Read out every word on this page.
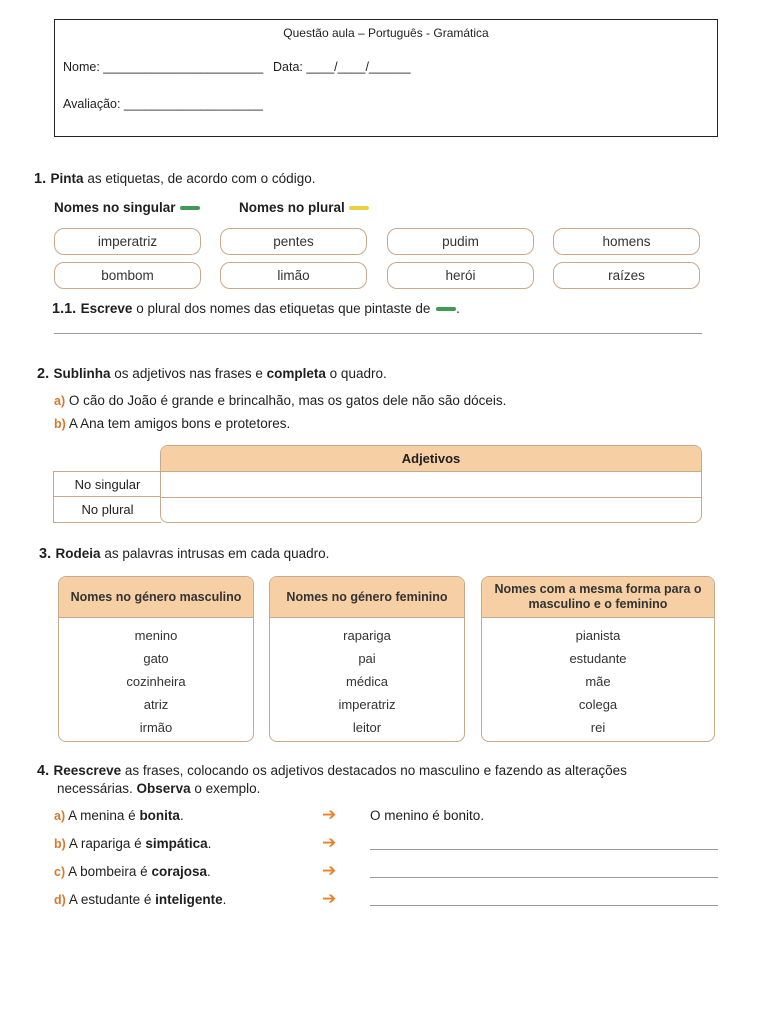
Questão aula – Português - Gramática
Nome: _______________________ Data: ____/____/______
Avaliação: ____________________
1. Pinta as etiquetas, de acordo com o código.
Nomes no singular	Nomes no plural
imperatriz	pentes	pudim	homens
bombom	limão	herói	raízes
1.1. Escreve o plural dos nomes das etiquetas que pintaste de .
2. Sublinha os adjetivos nas frases e completa o quadro.
a) O cão do João é grande e brincalhão, mas os gatos dele não são dóceis.
b) A Ana tem amigos bons e protetores.
Adjetivos
No singular
No plural
3. Rodeia as palavras intrusas em cada quadro.
Nomes no género masculino
menino
gato
cozinheira
atriz
irmão
Nomes no género feminino
rapariga
pai
médica
imperatriz
leitor
Nomes com a mesma forma para o masculino e o feminino
pianista
estudante
mãe
colega
rei
4. Reescreve as frases, colocando os adjetivos destacados no masculino e fazendo as alterações
necessárias. Observa o exemplo.
a) A menina é bonita.	➔	O menino é bonito.
b) A rapariga é simpática.	➔
c) A bombeira é corajosa.	➔
d) A estudante é inteligente.	➔
